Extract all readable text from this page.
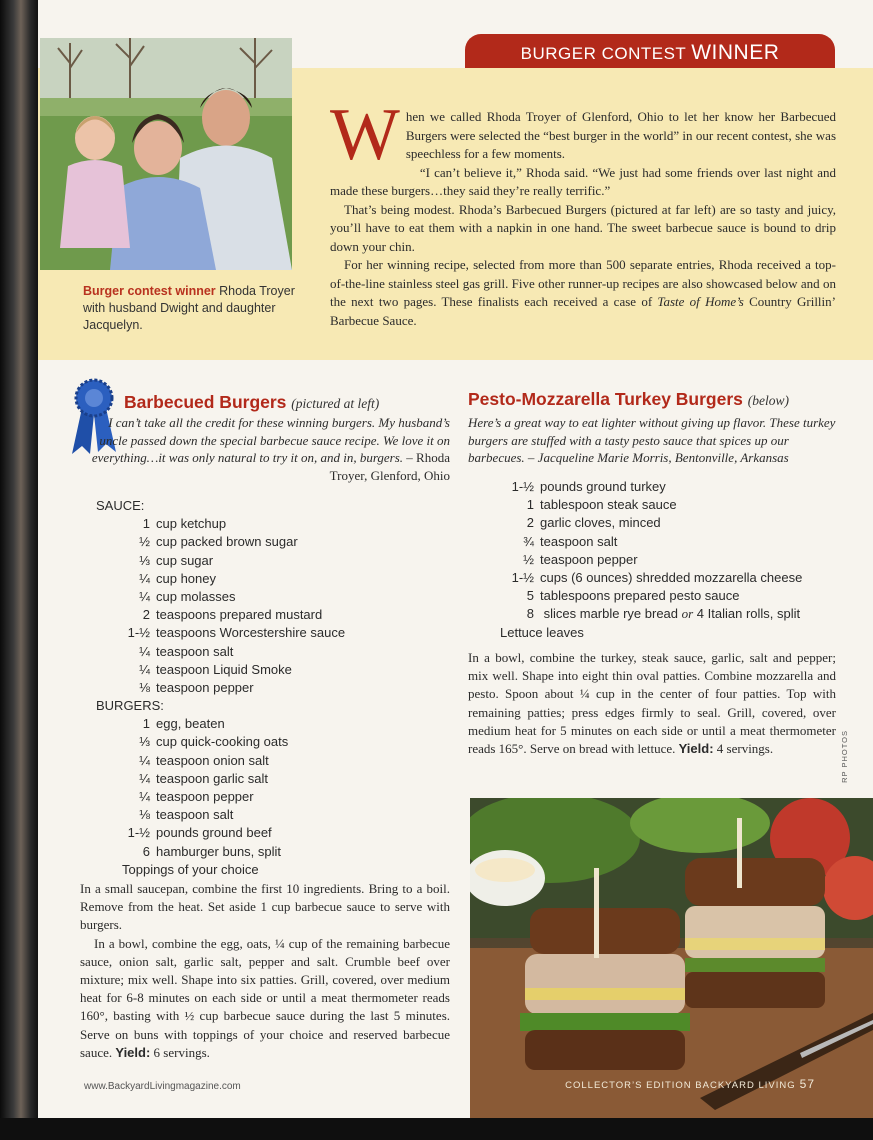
Burger contest winner Rhoda Troyer with husband Dwight and daughter Jacquelyn.
BURGER CONTEST WINNER

When we called Rhoda Troyer of Glenford, Ohio to let her know her Barbecued Burgers were selected the “best burger in the world” in our recent contest, she was speechless for a few moments.

“I can’t believe it,” Rhoda said. “We just had some friends over last night and made these burgers…they said they’re really terrific.”

That’s being modest. Rhoda’s Barbecued Burgers (pictured at far left) are so tasty and juicy, you’ll have to eat them with a napkin in one hand. The sweet barbecue sauce is bound to drip down your chin.

For her winning recipe, selected from more than 500 separate entries, Rhoda received a top-of-the-line stainless steel gas grill. Five other runner-up recipes are also showcased below and on the next two pages. These finalists each received a case of Taste of Home’s Country Grillin’ Barbecue Sauce.

Barbecued Burgers (pictured at left)
I can’t take all the credit for these winning burgers. My husband’s uncle passed down the special barbecue sauce recipe. We love it on everything…it was only natural to try it on, and in, burgers. – Rhoda Troyer, Glenford, Ohio
SAUCE:
1 cup ketchup
½ cup packed brown sugar
⅓ cup sugar
¼ cup honey
¼ cup molasses
2 teaspoons prepared mustard
1-½ teaspoons Worcestershire sauce
¼ teaspoon salt
¼ teaspoon Liquid Smoke
⅛ teaspoon pepper
BURGERS:
1 egg, beaten
⅓ cup quick-cooking oats
¼ teaspoon onion salt
¼ teaspoon garlic salt
¼ teaspoon pepper
⅛ teaspoon salt
1-½ pounds ground beef
6 hamburger buns, split
Toppings of your choice

In a small saucepan, combine the first 10 ingredients. Bring to a boil. Remove from the heat. Set aside 1 cup barbecue sauce to serve with burgers.

In a bowl, combine the egg, oats, ¼ cup of the remaining barbecue sauce, onion salt, garlic salt, pepper and salt. Crumble beef over mixture; mix well. Shape into six patties. Grill, covered, over medium heat for 6-8 minutes on each side or until a meat thermometer reads 160°, basting with ½ cup barbecue sauce during the last 5 minutes. Serve on buns with toppings of your choice and reserved barbecue sauce. Yield: 6 servings.

Pesto-Mozzarella Turkey Burgers (below)
Here’s a great way to eat lighter without giving up flavor. These turkey burgers are stuffed with a tasty pesto sauce that spices up our barbecues. – Jacqueline Marie Morris, Bentonville, Arkansas
1-½ pounds ground turkey
1 tablespoon steak sauce
2 garlic cloves, minced
¾ teaspoon salt
½ teaspoon pepper
1-½ cups (6 ounces) shredded mozzarella cheese
5 tablespoons prepared pesto sauce
8 slices marble rye bread or 4 Italian rolls, split
Lettuce leaves

In a bowl, combine the turkey, steak sauce, garlic, salt and pepper; mix well. Shape into eight thin oval patties. Combine mozzarella and pesto. Spoon about ¼ cup in the center of four patties. Top with remaining patties; press edges firmly to seal. Grill, covered, over medium heat for 5 minutes on each side or until a meat thermometer reads 165°. Serve on bread with lettuce. Yield: 4 servings.	RP PHOTOS
www.BackyardLivingmagazine.com	COLLECTOR’S EDITION BACKYARD LIVING 57
